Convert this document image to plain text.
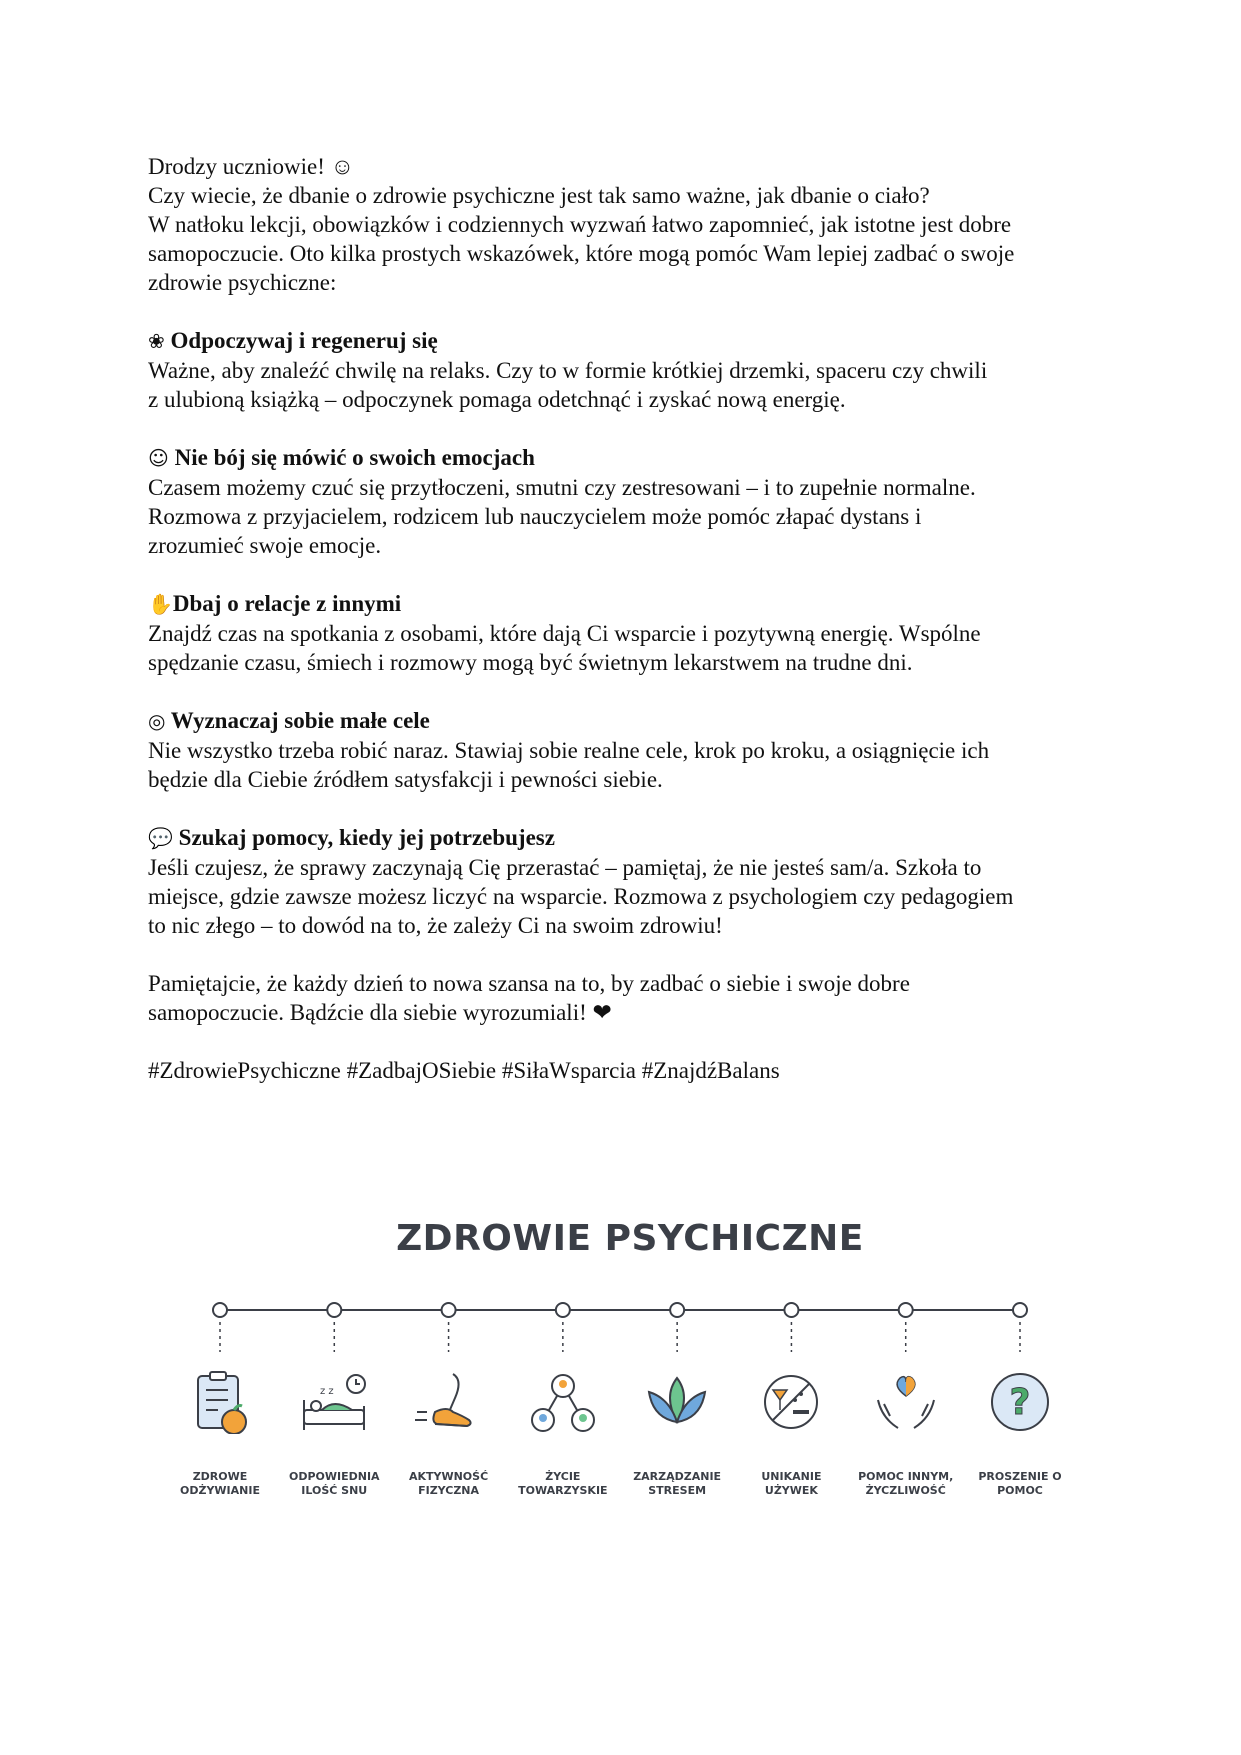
Drodzy uczniowie! ☺

Czy wiecie, że dbanie o zdrowie psychiczne jest tak samo ważne, jak dbanie o ciało?

W natłoku lekcji, obowiązków i codziennych wyzwań łatwo zapomnieć, jak istotne jest dobre

samopoczucie. Oto kilka prostych wskazówek, które mogą pomóc Wam lepiej zadbać o swoje

zdrowie psychiczne:

❀ Odpoczywaj i regeneruj się

Ważne, aby znaleźć chwilę na relaks. Czy to w formie krótkiej drzemki, spaceru czy chwili

z ulubioną książką – odpoczynek pomaga odetchnąć i zyskać nową energię.

☺ Nie bój się mówić o swoich emocjach

Czasem możemy czuć się przytłoczeni, smutni czy zestresowani – i to zupełnie normalne.

Rozmowa z przyjacielem, rodzicem lub nauczycielem może pomóc złapać dystans i

zrozumieć swoje emocje.

✋Dbaj o relacje z innymi

Znajdź czas na spotkania z osobami, które dają Ci wsparcie i pozytywną energię. Wspólne

spędzanie czasu, śmiech i rozmowy mogą być świetnym lekarstwem na trudne dni.

◎ Wyznaczaj sobie małe cele

Nie wszystko trzeba robić naraz. Stawiaj sobie realne cele, krok po kroku, a osiągnięcie ich

będzie dla Ciebie źródłem satysfakcji i pewności siebie.

💬 Szukaj pomocy, kiedy jej potrzebujesz

Jeśli czujesz, że sprawy zaczynają Cię przerastać – pamiętaj, że nie jesteś sam/a. Szkoła to

miejsce, gdzie zawsze możesz liczyć na wsparcie. Rozmowa z psychologiem czy pedagogiem

to nic złego – to dowód na to, że zależy Ci na swoim zdrowiu!

Pamiętajcie, że każdy dzień to nowa szansa na to, by zadbać o siebie i swoje dobre

samopoczucie. Bądźcie dla siebie wyrozumiali! ❤

#ZdrowiePsychiczne #ZadbajOSiebie #SiłaWsparcia #ZnajdźBalans

ZDROWIE PSYCHICZNE
ZDROWE
ODŻYWIANIE
z z
ODPOWIEDNIA
ILOŚĆ SNU
AKTYWNOŚĆ
FIZYCZNA
ŻYCIE
TOWARZYSKIE
ZARZĄDZANIE
STRESEM
UNIKANIE
UŻYWEK
POMOC INNYM,
ŻYCZLIWOŚĆ
?
PROSZENIE O
POMOC
